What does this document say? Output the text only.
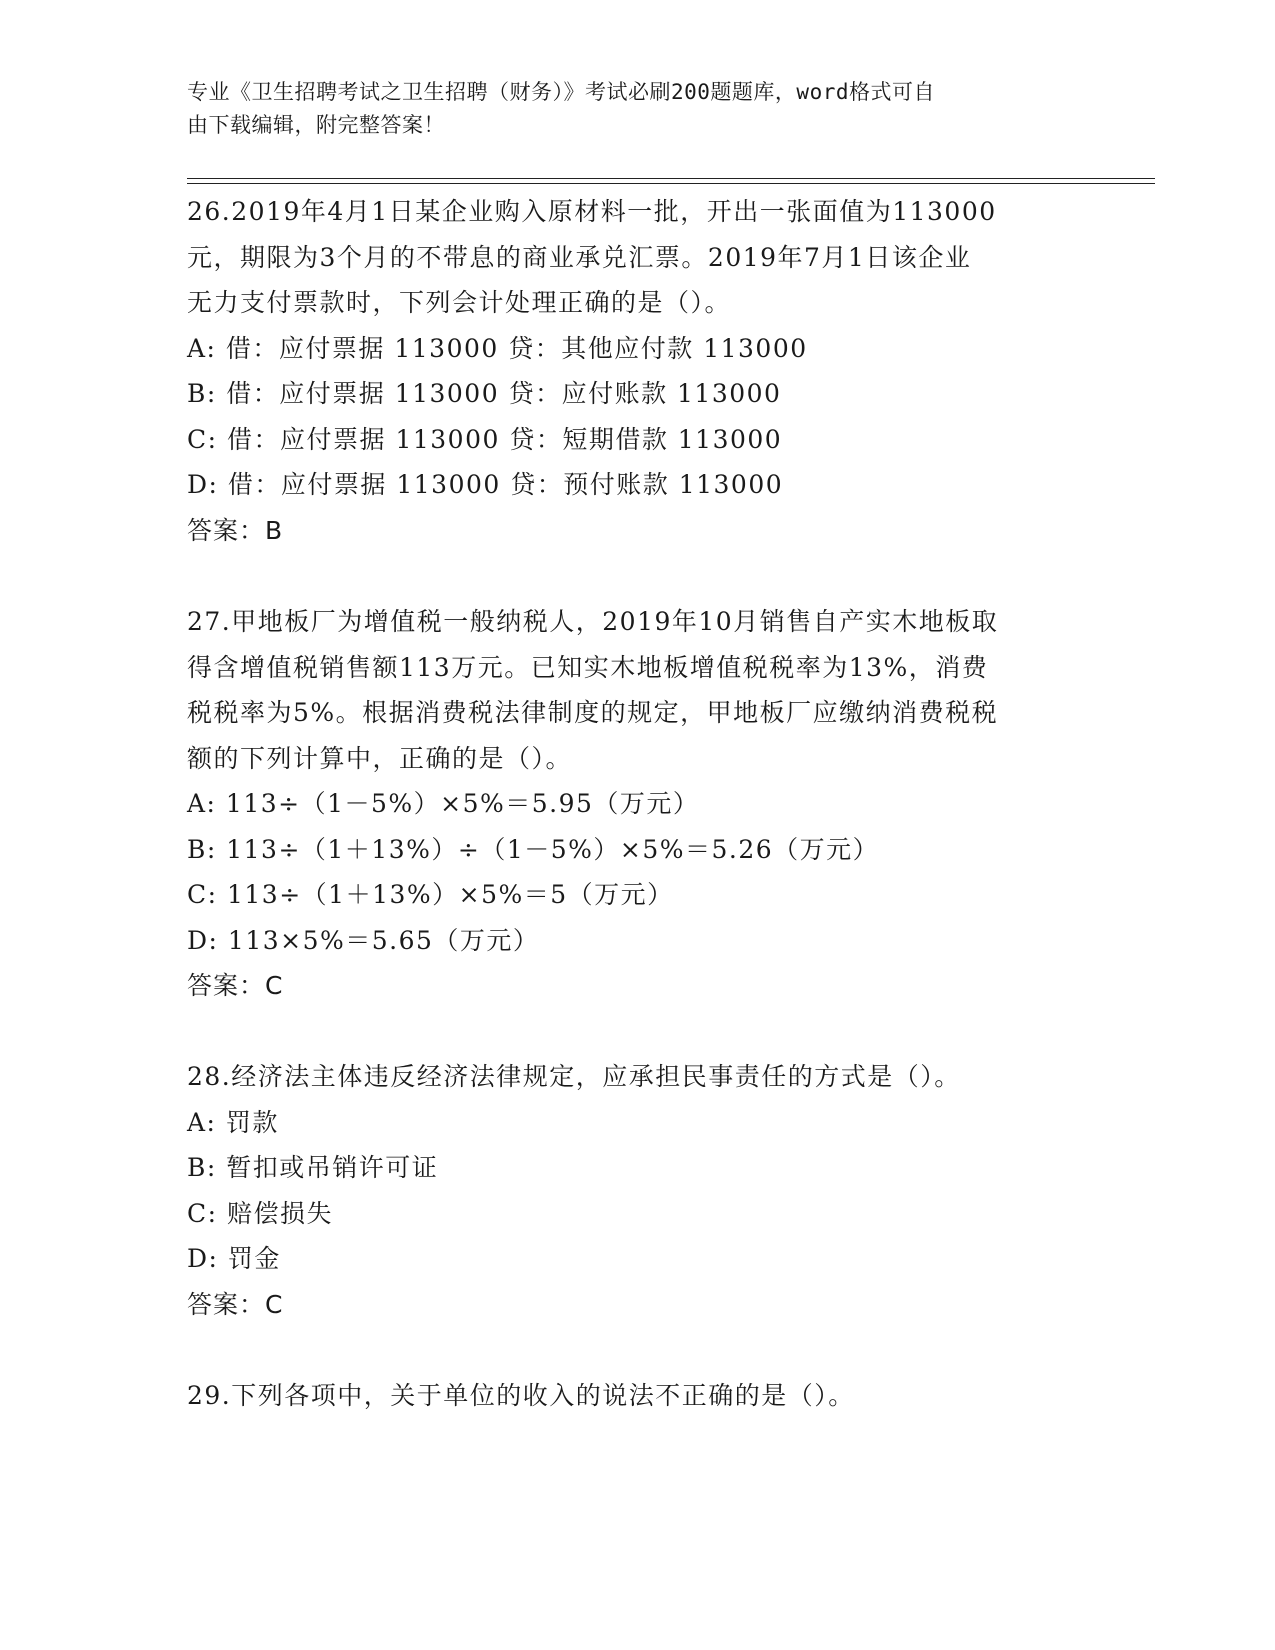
专业《卫生招聘考试之卫生招聘（财务）》考试必刷200题题库，word格式可自
由下载编辑，附完整答案！
26.2019年4月1日某企业购入原材料一批，开出一张面值为113000
元，期限为3个月的不带息的商业承兑汇票。2019年7月1日该企业
无力支付票款时，下列会计处理正确的是（）。
A: 借：应付票据 113000 贷：其他应付款 113000
B: 借：应付票据 113000 贷：应付账款 113000
C: 借：应付票据 113000 贷：短期借款 113000
D: 借：应付票据 113000 贷：预付账款 113000
答案：B
27.甲地板厂为增值税一般纳税人，2019年10月销售自产实木地板取
得含增值税销售额113万元。已知实木地板增值税税率为13%，消费
税税率为5%。根据消费税法律制度的规定，甲地板厂应缴纳消费税税
额的下列计算中，正确的是（）。
A: 113÷（1－5%）×5%＝5.95（万元）
B: 113÷（1＋13%）÷（1－5%）×5%＝5.26（万元）
C: 113÷（1＋13%）×5%＝5（万元）
D: 113×5%＝5.65（万元）
答案：C
28.经济法主体违反经济法律规定，应承担民事责任的方式是（）。
A: 罚款
B: 暂扣或吊销许可证
C: 赔偿损失
D: 罚金
答案：C
29.下列各项中，关于单位的收入的说法不正确的是（）。
